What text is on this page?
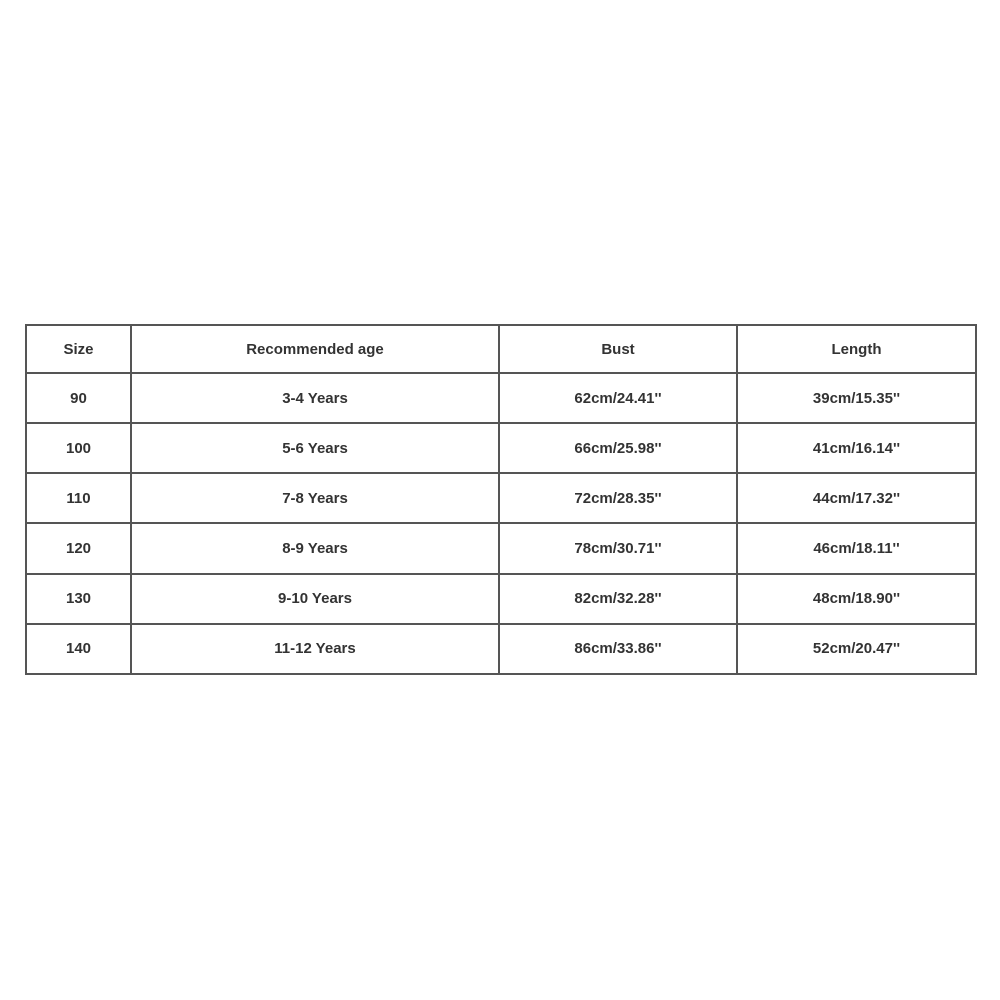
Size	Recommended age	Bust	Length
90	3-4 Years	62cm/24.41''	39cm/15.35''
100	5-6 Years	66cm/25.98''	41cm/16.14''
110	7-8 Years	72cm/28.35''	44cm/17.32''
120	8-9 Years	78cm/30.71''	46cm/18.11''
130	9-10 Years	82cm/32.28''	48cm/18.90''
140	11-12 Years	86cm/33.86''	52cm/20.47''
